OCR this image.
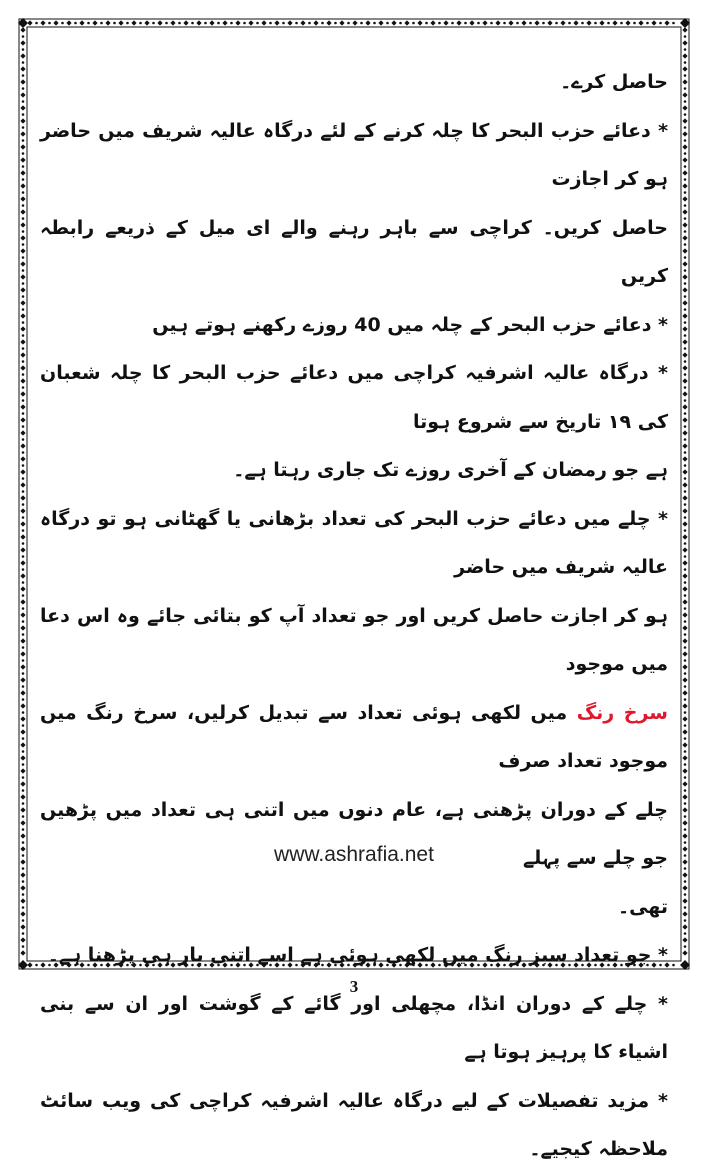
حاصل کرے۔

* دعائے حزب البحر کا چلہ کرنے کے لئے درگاہ عالیہ شریف میں حاضر ہو کر اجازت

حاصل کریں۔ کراچی سے باہر رہنے والے ای میل کے ذریعے رابطہ کریں

* دعائے حزب البحر کے چلہ میں 40 روزے رکھنے ہوتے ہیں

* درگاہ عالیہ اشرفیہ کراچی میں دعائے حزب البحر کا چلہ شعبان کی ۱۹ تاریخ سے شروع ہوتا

ہے جو رمضان کے آخری روزے تک جاری رہتا ہے۔

* چلے میں دعائے حزب البحر کی تعداد بڑھانی یا گھٹانی ہو تو درگاہ عالیہ شریف میں حاضر

ہو کر اجازت حاصل کریں اور جو تعداد آپ کو بتائی جائے وہ اس دعا میں موجود

سرخ رنگ میں لکھی ہوئی تعداد سے تبدیل کرلیں، سرخ رنگ میں موجود تعداد صرف

چلے کے دوران پڑھنی ہے، عام دنوں میں اتنی ہی تعداد میں پڑھیں جو چلے سے پہلے

تھی۔

* جو تعداد سبز رنگ میں لکھی ہوئی ہے اسے اتنی بار ہی پڑھنا ہے۔

* چلے کے دوران انڈا، مچھلی اور گائے کے گوشت اور ان سے بنی اشیاء کا پرہیز ہوتا ہے

* مزید تفصیلات کے لیے درگاہ عالیہ اشرفیہ کراچی کی ویب سائٹ ملاحظہ کیجیے۔

www.ashrafia.net
3
